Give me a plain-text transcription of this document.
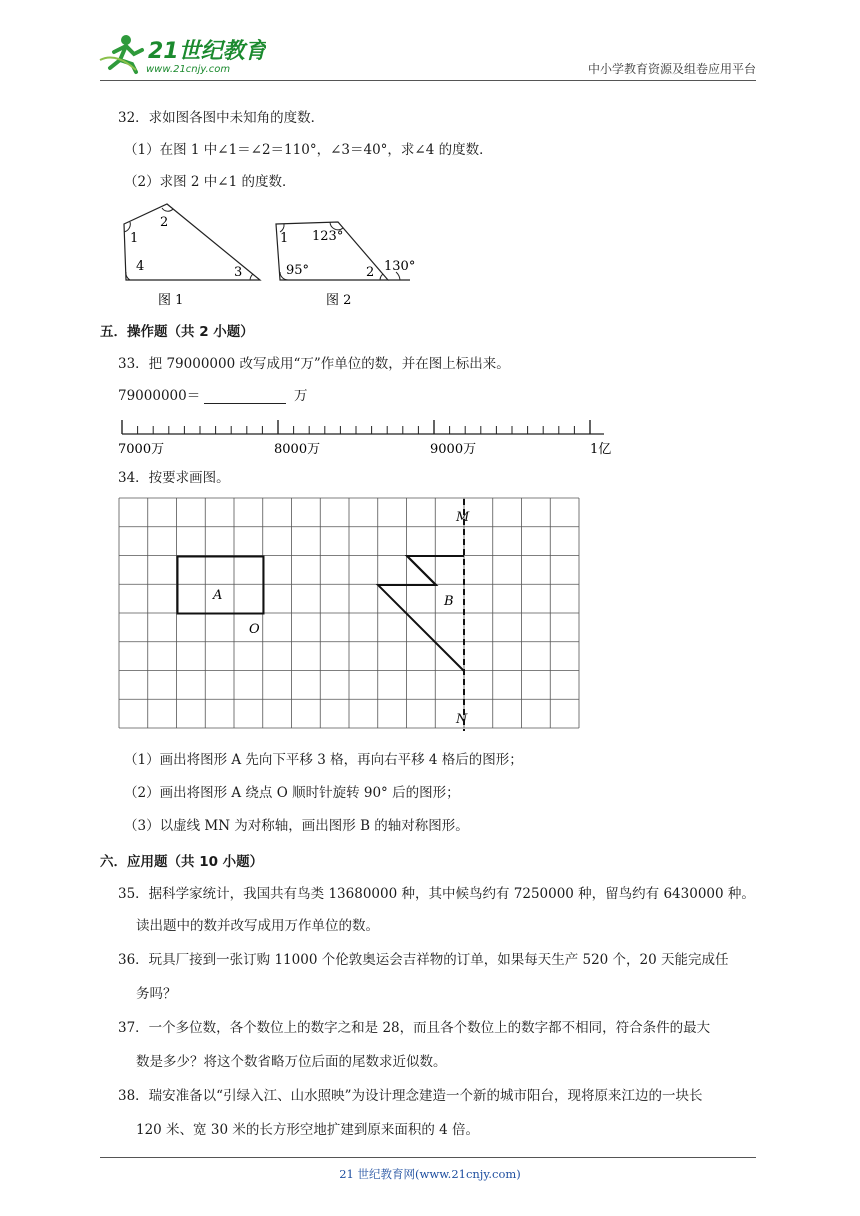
21世纪教育
www.21cnjy.com	中小学教育资源及组卷应用平台
32．求如图各图中未知角的度数．
（1）在图 1 中∠1＝∠2＝110°，∠3＝40°，求∠4 的度数．
（2）求图 2 中∠1 的度数．
1
2
3
4
图 1
1 123°
95°	2 130°
图 2
五．操作题（共 2 小题）
33．把 79000000 改写成用“万”作单位的数，并在图上标出来。
79000000＝	万
7000万	8000万	9000万	1亿
34．按要求画图。
A
O
B
M
N
（1）画出将图形 A 先向下平移 3 格，再向右平移 4 格后的图形；
（2）画出将图形 A 绕点 O 顺时针旋转 90° 后的图形；
（3）以虚线 MN 为对称轴，画出图形 B 的轴对称图形。
六．应用题（共 10 小题）
35．据科学家统计，我国共有鸟类 13680000 种，其中候鸟约有 7250000 种，留鸟约有 6430000 种。
读出题中的数并改写成用万作单位的数。
36．玩具厂接到一张订购 11000 个伦敦奥运会吉祥物的订单，如果每天生产 520 个，20 天能完成任
务吗？
37．一个多位数，各个数位上的数字之和是 28，而且各个数位上的数字都不相同，符合条件的最大
数是多少？将这个数省略万位后面的尾数求近似数。
38．瑞安准备以“引绿入江、山水照映”为设计理念建造一个新的城市阳台，现将原来江边的一块长
120 米、宽 30 米的长方形空地扩建到原来面积的 4 倍。
21 世纪教育网(www.21cnjy.com)
